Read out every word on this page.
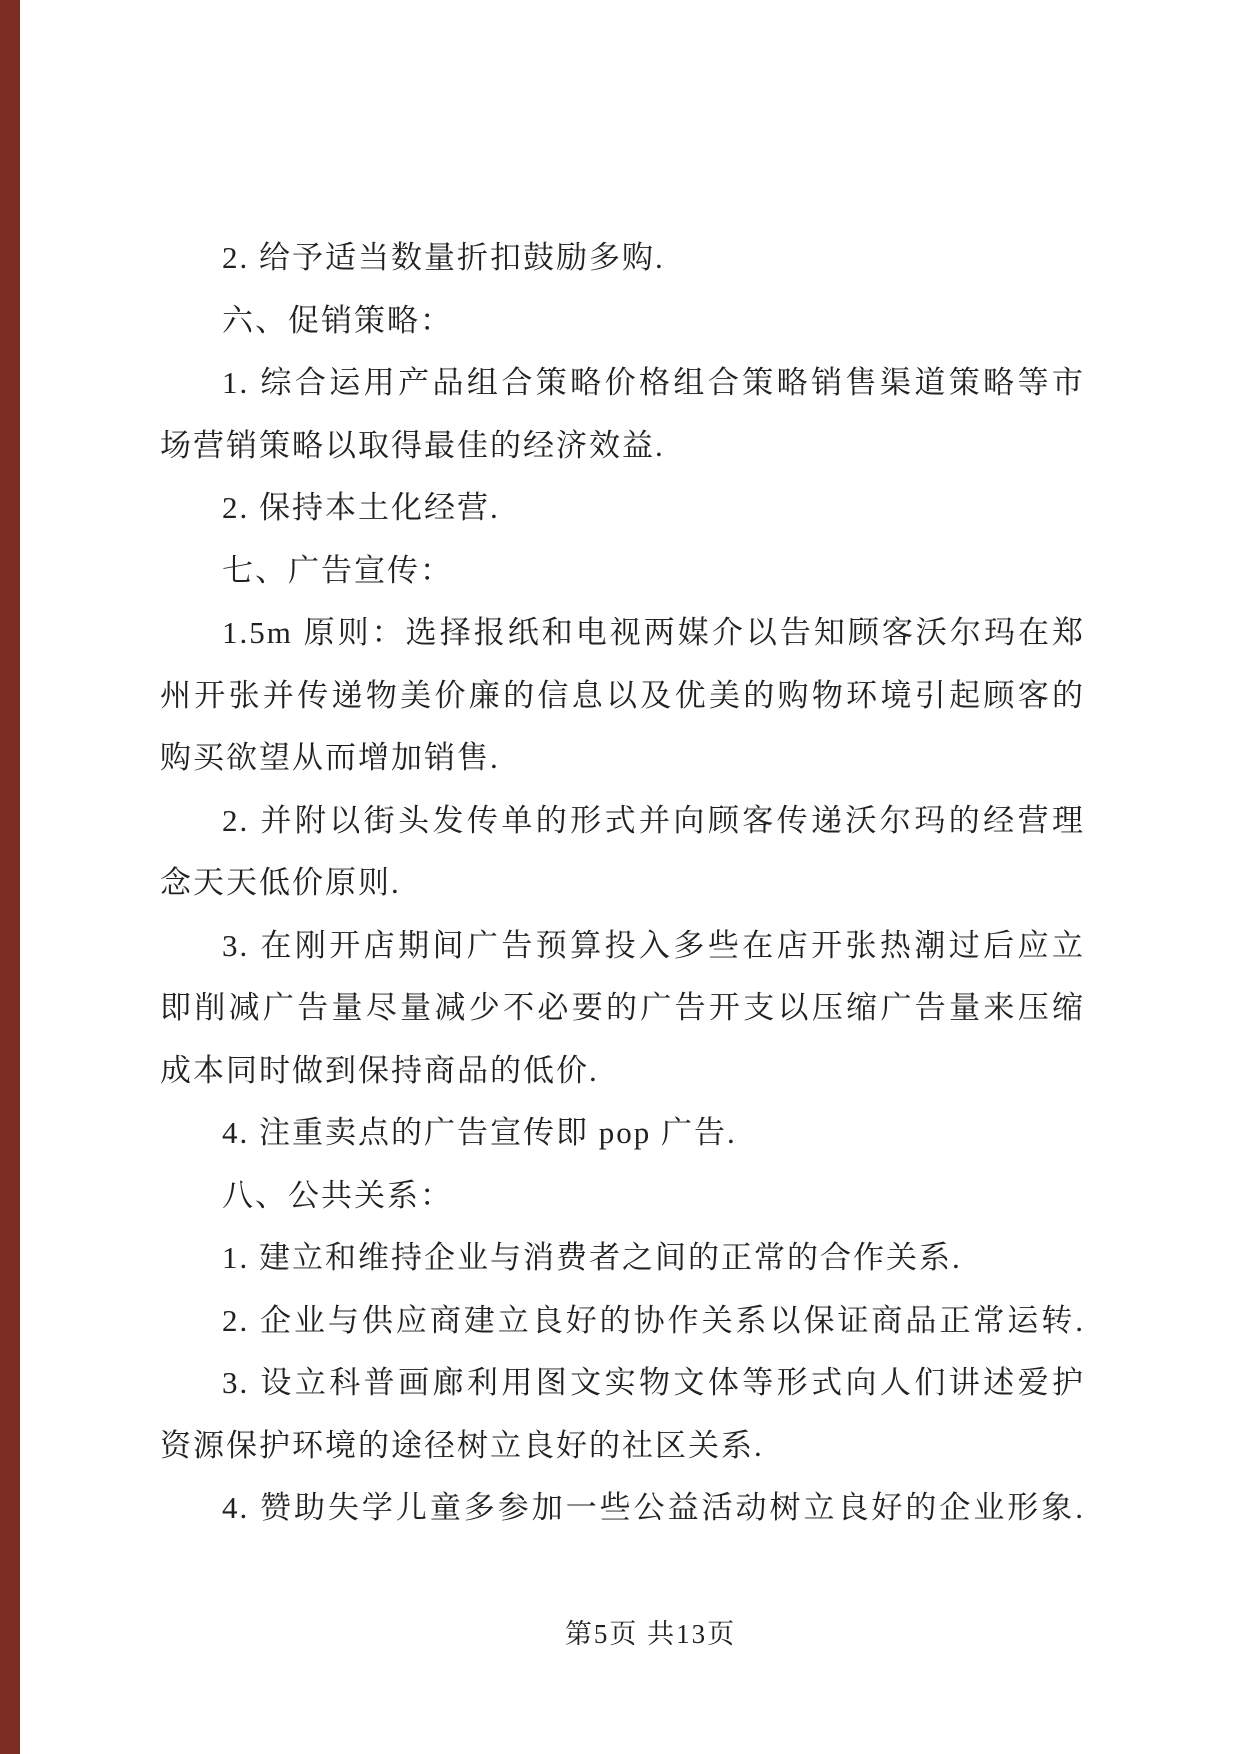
2. 给予适当数量折扣鼓励多购.
六、促销策略：
1. 综合运用产品组合策略价格组合策略销售渠道策略等市
场营销策略以取得最佳的经济效益.
2. 保持本土化经营.
七、广告宣传：
1.5m 原则：选择报纸和电视两媒介以告知顾客沃尔玛在郑
州开张并传递物美价廉的信息以及优美的购物环境引起顾客的
购买欲望从而增加销售.
2. 并附以街头发传单的形式并向顾客传递沃尔玛的经营理
念天天低价原则.
3. 在刚开店期间广告预算投入多些在店开张热潮过后应立
即削减广告量尽量减少不必要的广告开支以压缩广告量来压缩
成本同时做到保持商品的低价.
4. 注重卖点的广告宣传即 pop 广告.
八、公共关系：
1. 建立和维持企业与消费者之间的正常的合作关系.
2. 企业与供应商建立良好的协作关系以保证商品正常运转.
3. 设立科普画廊利用图文实物文体等形式向人们讲述爱护
资源保护环境的途径树立良好的社区关系.
4. 赞助失学儿童多参加一些公益活动树立良好的企业形象.
第5页 共13页
